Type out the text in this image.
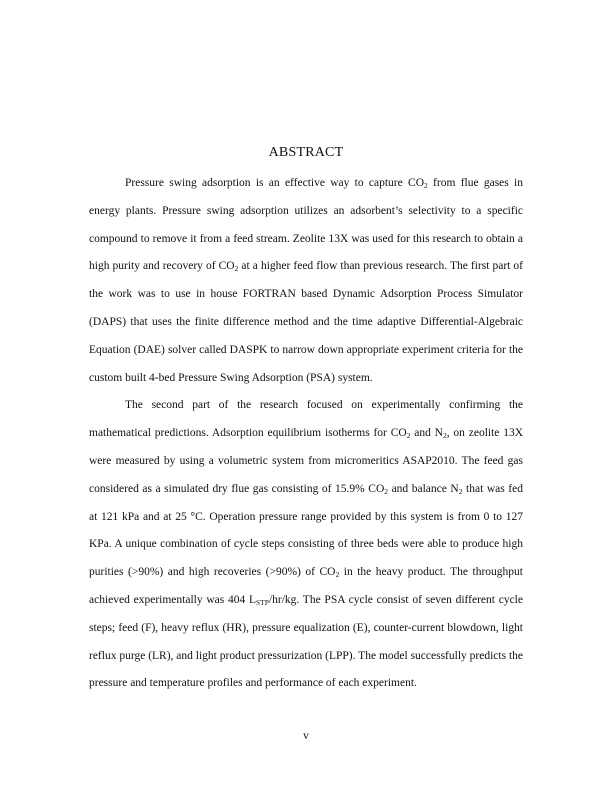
ABSTRACT

Pressure swing adsorption is an effective way to capture $CO_2$ from flue gases in energy plants. Pressure swing adsorption utilizes an adsorbent’s selectivity to a specific compound to remove it from a feed stream. Zeolite 13X was used for this research to obtain a high purity and recovery of $CO_2$ at a higher feed flow than previous research. The first part of the work was to use in house FORTRAN based Dynamic Adsorption Process Simulator (DAPS) that uses the finite difference method and the time adaptive Differential-Algebraic Equation (DAE) solver called DASPK to narrow down appropriate experiment criteria for the custom built 4-bed Pressure Swing Adsorption (PSA) system.

The second part of the research focused on experimentally confirming the mathematical predictions. Adsorption equilibrium isotherms for $CO_2$ and $N_2$, on zeolite 13X were measured by using a volumetric system from micromeritics ASAP2010. The feed gas considered as a simulated dry flue gas consisting of 15.9% $CO_2$ and balance $N_2$ that was fed at 121 kPa and at 25 °C. Operation pressure range provided by this system is from 0 to 127 KPa. A unique combination of cycle steps consisting of three beds were able to produce high purities (>90%) and high recoveries (>90%) of $CO_2$ in the heavy product. The throughput achieved experimentally was 404 $L_{STP}/hr/kg$. The PSA cycle consist of seven different cycle steps; feed (F), heavy reflux (HR), pressure equalization (E), counter-current blowdown, light reflux purge (LR), and light product pressurization (LPP). The model successfully predicts the pressure and temperature profiles and performance of each experiment.

v
